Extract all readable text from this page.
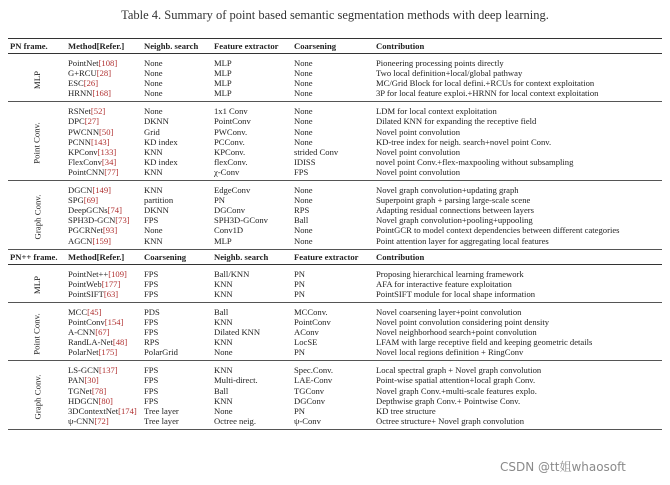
Table 4. Summary of point based semantic segmentation methods with deep learning.
PN frame.	Method[Refer.]	Neighb. search	Feature extractor	Coarsening	Contribution
MLP	PointNet[108]	None	MLP	None	Pioneering processing points directly
	G+RCU[28]	None	MLP	None	Two local definition+local/global pathway
	ESC[26]	None	MLP	None	MC/Grid Block for local defini.+RCUs for context exploitation
	HRNN[168]	None	MLP	None	3P for local feature exploi.+HRNN for local context exploitation
Point Conv.	RSNet[52]	None	1x1 Conv	None	LDM for local context exploitation
	DPC[27]	DKNN	PointConv	None	Dilated KNN for expanding the receptive field
	PWCNN[50]	Grid	PWConv.	None	Novel point convolution
	PCNN[143]	KD index	PCConv.	None	KD-tree index for neigh. search+novel point Conv.
	KPConv[133]	KNN	KPConv.	strided Conv	Novel point convolution
	FlexConv[34]	KD index	flexConv.	IDISS	novel point Conv.+flex-maxpooling without subsampling
	PointCNN[77]	KNN	χ-Conv	FPS	Novel point convolution
Graph Conv.	DGCN[149]	KNN	EdgeConv	None	Novel graph convolution+updating graph
	SPG[69]	partition	PN	None	Superpoint graph + parsing large-scale scene
	DeepGCNs[74]	DKNN	DGConv	RPS	Adapting residual connections between layers
	SPH3D-GCN[73]	FPS	SPH3D-GConv	Ball	Novel graph convolution+pooling+uppooling
	PGCRNet[93]	None	Conv1D	None	PointGCR to model context dependencies between different categories
	AGCN[159]	KNN	MLP	None	Point attention layer for aggregating local features
PN++ frame.	Method[Refer.]	Coarsening	Neighb. search	Feature extractor	Contribution
MLP	PointNet++[109]	FPS	Ball/KNN	PN	Proposing hierarchical learning framework
	PointWeb[177]	FPS	KNN	PN	AFA for interactive feature exploitation
	PointSIFT[63]	FPS	KNN	PN	PointSIFT module for local shape information
Point Conv.	MCC[45]	PDS	Ball	MCConv.	Novel coarsening layer+point convolution
	PointConv[154]	FPS	KNN	PointConv	Novel point convolution considering point density
	A-CNN[67]	FPS	Dilated KNN	AConv	Novel neighborhood search+point convolution
	RandLA-Net[48]	RPS	KNN	LocSE	LFAM with large receptive field and keeping geometric details
	PolarNet[175]	PolarGrid	None	PN	Novel local regions definition + RingConv
Graph Conv.	LS-GCN[137]	FPS	KNN	Spec.Conv.	Local spectral graph + Novel graph convolution
	PAN[30]	FPS	Multi-direct.	LAE-Conv	Point-wise spatial attention+local graph Conv.
	TGNet[78]	FPS	Ball	TGConv	Novel graph Conv.+multi-scale features explo.
	HDGCN[80]	FPS	KNN	DGConv	Depthwise graph Conv.+ Pointwise Conv.
	3DContextNet[174]	Tree layer	None	PN	KD tree structure
	ψ-CNN[72]	Tree layer	Octree neig.	ψ-Conv	Octree structure+ Novel graph convolution
CSDN @tt姐whaosoft
